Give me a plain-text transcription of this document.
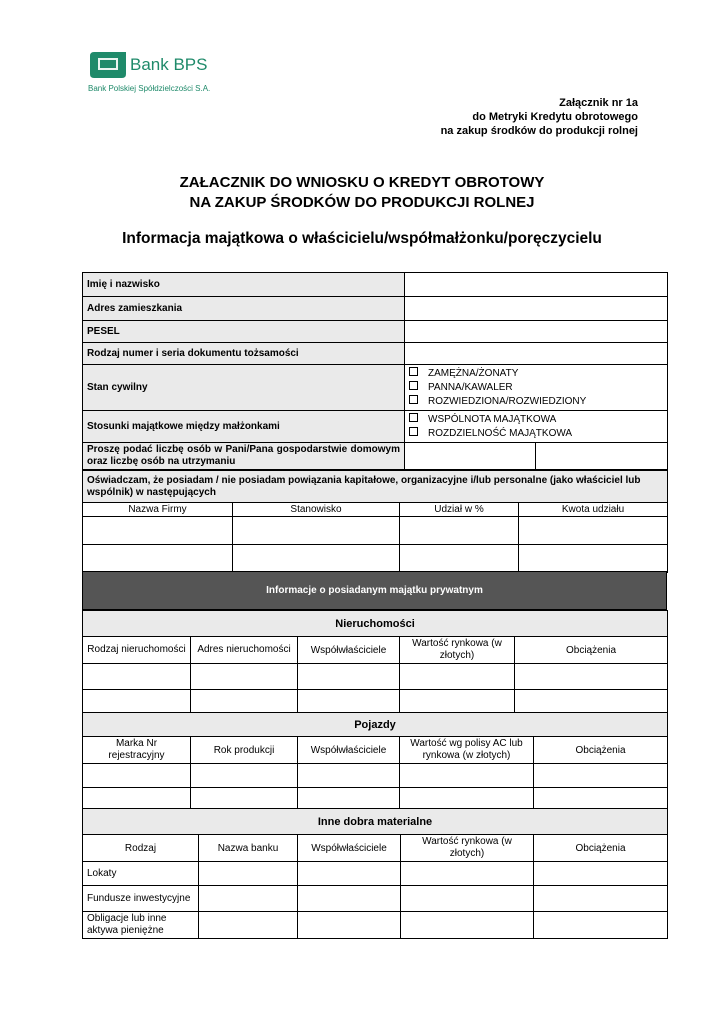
Bank BPS
Bank Polskiej Spółdzielczości S.A.
Załącznik nr 1a
do Metryki Kredytu obrotowego
na zakup środków do produkcji rolnej
ZAŁACZNIK DO WNIOSKU O KREDYT OBROTOWY
NA ZAKUP ŚRODKÓW DO PRODUKCJI ROLNEJ
Informacja majątkowa o właścicielu/współmałżonku/poręczycielu
Imię i nazwisko		
Adres zamieszkania		
PESEL		
Rodzaj numer i seria dokumentu tożsamości		
Stan cywilny	ZAMĘŻNA/ŻONATY
PANNA/KAWALER
ROZWIEDZIONA/ROZWIEDZIONY	

Stosunki majątkowe między małżonkami	WSPÓLNOTA MAJĄTKOWA
ROZDZIELNOŚĆ MAJĄTKOWA	

Proszę podać liczbę osób w Pani/Pana gospodarstwie domowym oraz liczbę osób na utrzymaniu		
Oświadczam, że posiadam / nie posiadam powiązania kapitałowe, organizacyjne i/lub personalne (jako właściciel lub wspólnik) w następujących			
Nazwa Firmy	Stanowisko	Udział w %	Kwota udziału

Informacje o posiadanym majątku prywatnym
Nieruchomości				
Rodzaj nieruchomości	Adres nieruchomości	Współwłaściciele	Wartość rynkowa (w złotych)	Obciążenia

Pojazdy				
Marka Nr rejestracyjny	Rok produkcji	Współwłaściciele	Wartość wg polisy AC lub rynkowa (w złotych)	Obciążenia

Inne dobra materialne				
Rodzaj	Nazwa banku	Współwłaściciele	Wartość rynkowa (w złotych)	Obciążenia
Lokaty				
Fundusze inwestycyjne				
Obligacje lub inne aktywa pieniężne				
